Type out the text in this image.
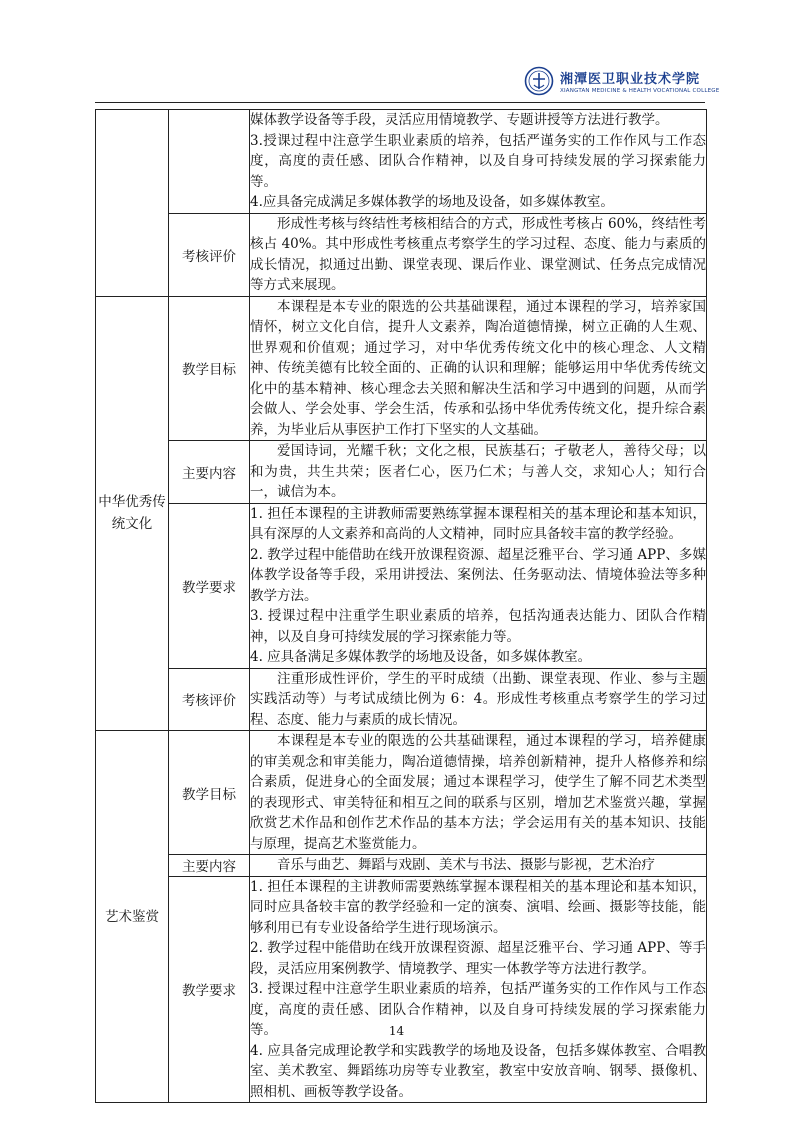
湘潭医卫职业技术学院
XIANGTAN MEDICINE & HEALTH VOCATIONAL COLLEGE

		媒体教学设备等手段，灵活应用情境教学、专题讲授等方法进行教学。

3.授课过程中注意学生职业素质的培养，包括严谨务实的工作作风与工作态度，高度的责任感、团队合作精神，以及自身可持续发展的学习探索能力等。

4.应具备完成满足多媒体教学的场地及设备，如多媒体教室。

	考核评价	形成性考核与终结性考核相结合的方式，形成性考核占 60%，终结性考核占 40%。其中形成性考核重点考察学生的学习过程、态度、能力与素质的成长情况，拟通过出勤、课堂表现、课后作业、课堂测试、任务点完成情况等方式来展现。
中华优秀传统文化	教学目标	本课程是本专业的限选的公共基础课程，通过本课程的学习，培养家国情怀，树立文化自信，提升人文素养，陶冶道德情操，树立正确的人生观、世界观和价值观；通过学习，对中华优秀传统文化中的核心理念、人文精神、传统美德有比较全面的、正确的认识和理解；能够运用中华优秀传统文化中的基本精神、核心理念去关照和解决生活和学习中遇到的问题，从而学会做人、学会处事、学会生活，传承和弘扬中华优秀传统文化，提升综合素养，为毕业后从事医护工作打下坚实的人文基础。
	主要内容	爱国诗词，光耀千秋；文化之根，民族基石；孑敬老人，善待父母；以和为贵，共生共荣；医者仁心，医乃仁术；与善人交，求知心人；知行合一，诚信为本。
	教学要求	1. 担任本课程的主讲教师需要熟练掌握本课程相关的基本理论和基本知识，具有深厚的人文素养和高尚的人文精神，同时应具备较丰富的教学经验。

2. 教学过程中能借助在线开放课程资源、超星泛雅平台、学习通 APP、多媒体教学设备等手段，采用讲授法、案例法、任务驱动法、情境体验法等多种教学方法。

3. 授课过程中注重学生职业素质的培养，包括沟通表达能力、团队合作精神，以及自身可持续发展的学习探索能力等。

4. 应具备满足多媒体教学的场地及设备，如多媒体教室。

	考核评价	注重形成性评价，学生的平时成绩（出勤、课堂表现、作业、参与主题实践活动等）与考试成绩比例为 6：4。形成性考核重点考察学生的学习过程、态度、能力与素质的成长情况。
艺术鉴赏	教学目标	本课程是本专业的限选的公共基础课程，通过本课程的学习，培养健康的审美观念和审美能力，陶冶道德情操，培养创新精神，提升人格修养和综合素质，促进身心的全面发展；通过本课程学习，使学生了解不同艺术类型的表现形式、审美特征和相互之间的联系与区别，增加艺术鉴赏兴趣，掌握欣赏艺术作品和创作艺术作品的基本方法；学会运用有关的基本知识、技能与原理，提高艺术鉴赏能力。
	主要内容	音乐与曲艺、舞蹈与戏剧、美术与书法、摄影与影视，艺术治疗
	教学要求	1. 担任本课程的主讲教师需要熟练掌握本课程相关的基本理论和基本知识，同时应具备较丰富的教学经验和一定的演奏、演唱、绘画、摄影等技能，能够利用已有专业设备给学生进行现场演示。

2. 教学过程中能借助在线开放课程资源、超星泛雅平台、学习通 APP、等手段，灵活应用案例教学、情境教学、理实一体教学等方法进行教学。

3. 授课过程中注意学生职业素质的培养，包括严谨务实的工作作风与工作态度，高度的责任感、团队合作精神，以及自身可持续发展的学习探索能力等。

4. 应具备完成理论教学和实践教学的场地及设备，包括多媒体教室、合唱教室、美术教室、舞蹈练功房等专业教室，教室中安放音响、钢琴、摄像机、照相机、画板等教学设备。

14
